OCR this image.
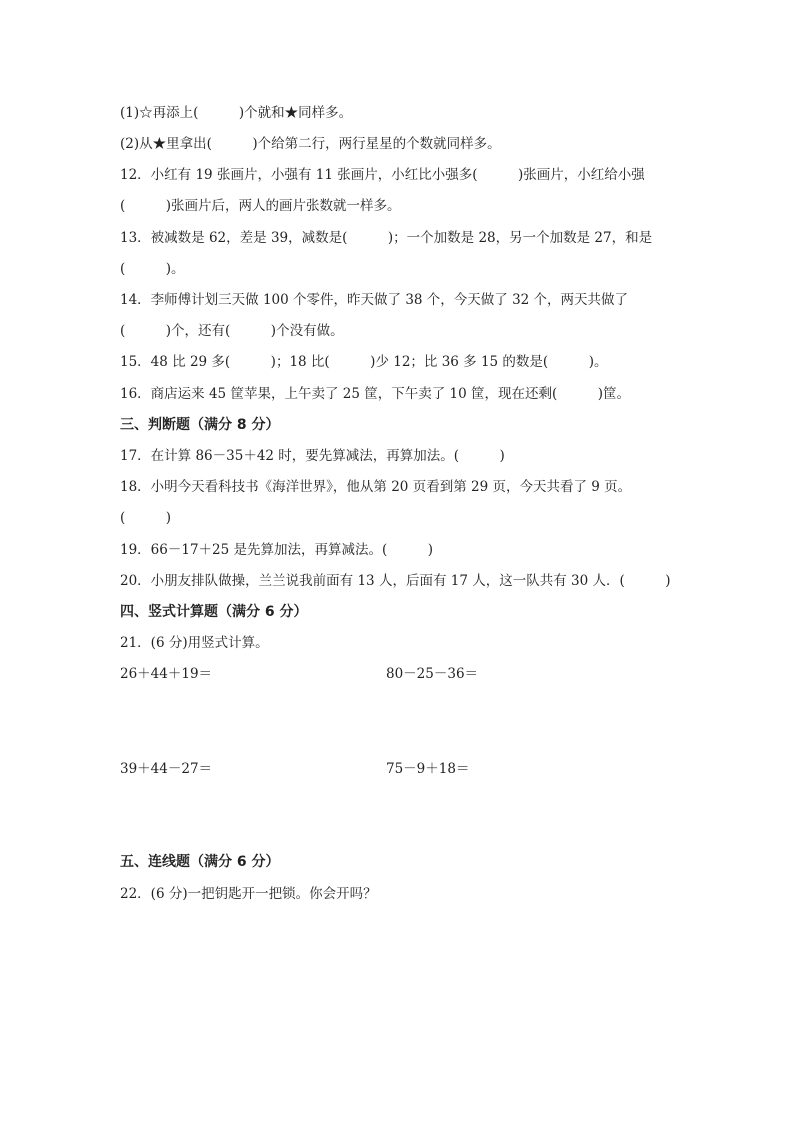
(1)☆再添上(　　　)个就和★同样多。
(2)从★里拿出(　　　)个给第二行，两行星星的个数就同样多。
12．小红有 19 张画片，小强有 11 张画片，小红比小强多(　　　)张画片，小红给小强
(　　　)张画片后，两人的画片张数就一样多。
13．被减数是 62，差是 39，减数是(　　　)；一个加数是 28，另一个加数是 27，和是
(　　　)。
14．李师傅计划三天做 100 个零件，昨天做了 38 个，今天做了 32 个，两天共做了
(　　　)个，还有(　　　)个没有做。
15．48 比 29 多(　　　)；18 比(　　　)少 12；比 36 多 15 的数是(　　　)。
16．商店运来 45 筐苹果，上午卖了 25 筐，下午卖了 10 筐，现在还剩(　　　)筐。
三、判断题（满分 8 分）
17．在计算 86－35＋42 时，要先算减法，再算加法。(　　　)
18．小明今天看科技书《海洋世界》，他从第 20 页看到第 29 页，今天共看了 9 页。
(　　　)
19．66－17＋25 是先算加法，再算减法。(　　　)
20．小朋友排队做操，兰兰说我前面有 13 人，后面有 17 人，这一队共有 30 人．(　　　)
四、竖式计算题（满分 6 分）
21．(6 分)用竖式计算。
26＋44＋19＝	80－25－36＝
39＋44－27＝	75－9＋18＝
五、连线题（满分 6 分）
22．(6 分)一把钥匙开一把锁。你会开吗？
